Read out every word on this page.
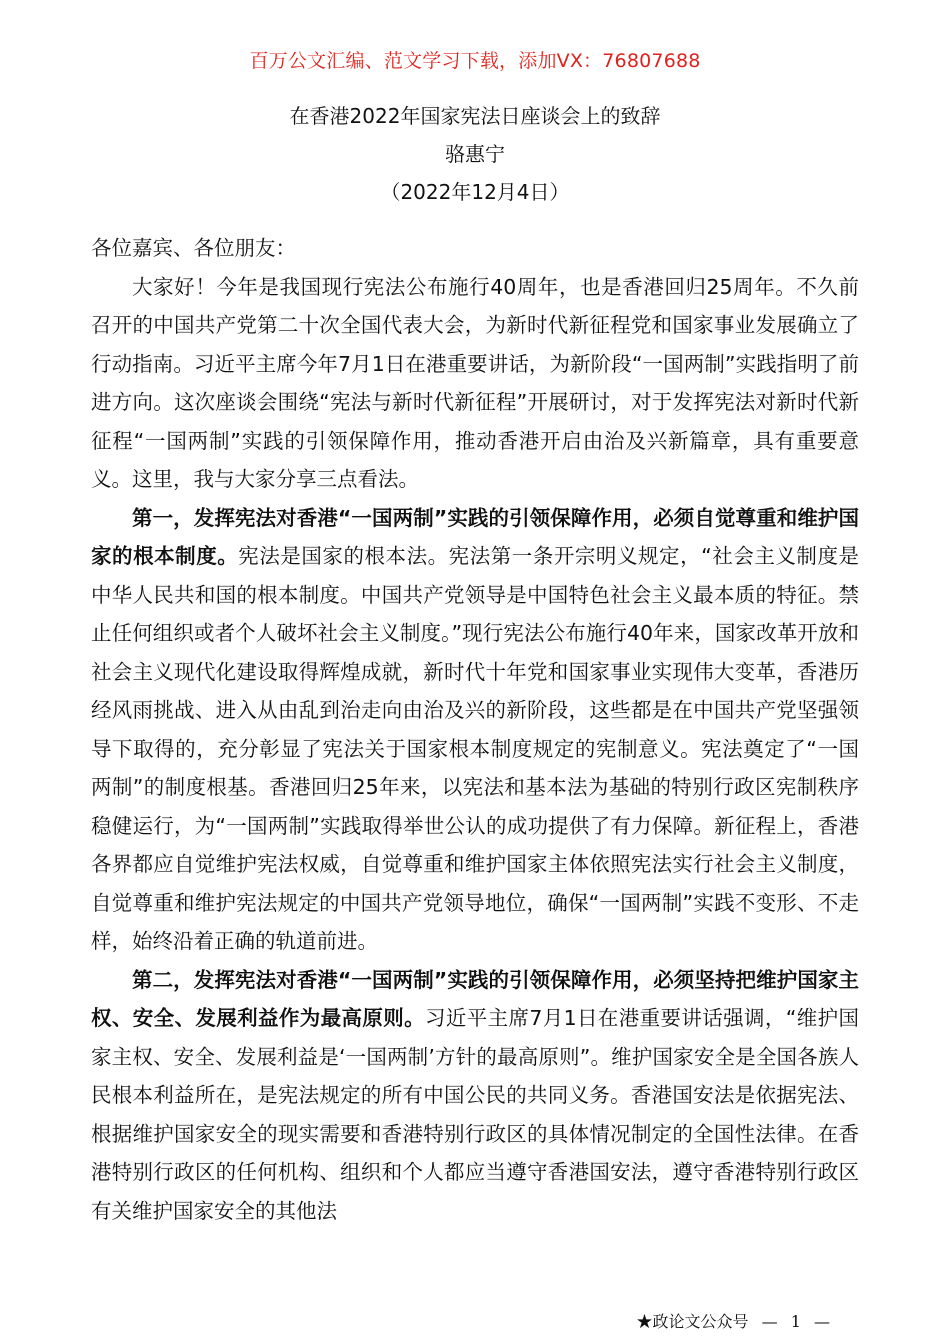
百万公文汇编、范文学习下载，添加VX：76807688
在香港2022年国家宪法日座谈会上的致辞
骆惠宁
（2022年12月4日）

各位嘉宾、各位朋友：

大家好！今年是我国现行宪法公布施行40周年，也是香港回归25周年。不久前召开的中国共产党第二十次全国代表大会，为新时代新征程党和国家事业发展确立了行动指南。习近平主席今年7月1日在港重要讲话，为新阶段“一国两制”实践指明了前进方向。这次座谈会围绕“宪法与新时代新征程”开展研讨，对于发挥宪法对新时代新征程“一国两制”实践的引领保障作用，推动香港开启由治及兴新篇章，具有重要意义。这里，我与大家分享三点看法。

第一，发挥宪法对香港“一国两制”实践的引领保障作用，必须自觉尊重和维护国家的根本制度。宪法是国家的根本法。宪法第一条开宗明义规定，“社会主义制度是中华人民共和国的根本制度。中国共产党领导是中国特色社会主义最本质的特征。禁止任何组织或者个人破坏社会主义制度。”现行宪法公布施行40年来，国家改革开放和社会主义现代化建设取得辉煌成就，新时代十年党和国家事业实现伟大变革，香港历经风雨挑战、进入从由乱到治走向由治及兴的新阶段，这些都是在中国共产党坚强领导下取得的，充分彰显了宪法关于国家根本制度规定的宪制意义。宪法奠定了“一国两制”的制度根基。香港回归25年来，以宪法和基本法为基础的特别行政区宪制秩序稳健运行，为“一国两制”实践取得举世公认的成功提供了有力保障。新征程上，香港各界都应自觉维护宪法权威，自觉尊重和维护国家主体依照宪法实行社会主义制度，自觉尊重和维护宪法规定的中国共产党领导地位，确保“一国两制”实践不变形、不走样，始终沿着正确的轨道前进。

第二，发挥宪法对香港“一国两制”实践的引领保障作用，必须坚持把维护国家主权、安全、发展利益作为最高原则。习近平主席7月1日在港重要讲话强调，“维护国家主权、安全、发展利益是‘一国两制’方针的最高原则”。维护国家安全是全国各族人民根本利益所在，是宪法规定的所有中国公民的共同义务。香港国安法是依据宪法、根据维护国家安全的现实需要和香港特别行政区的具体情况制定的全国性法律。在香港特别行政区的任何机构、组织和个人都应当遵守香港国安法，遵守香港特别行政区有关维护国家安全的其他法

★政论文公众号 — 1 —
